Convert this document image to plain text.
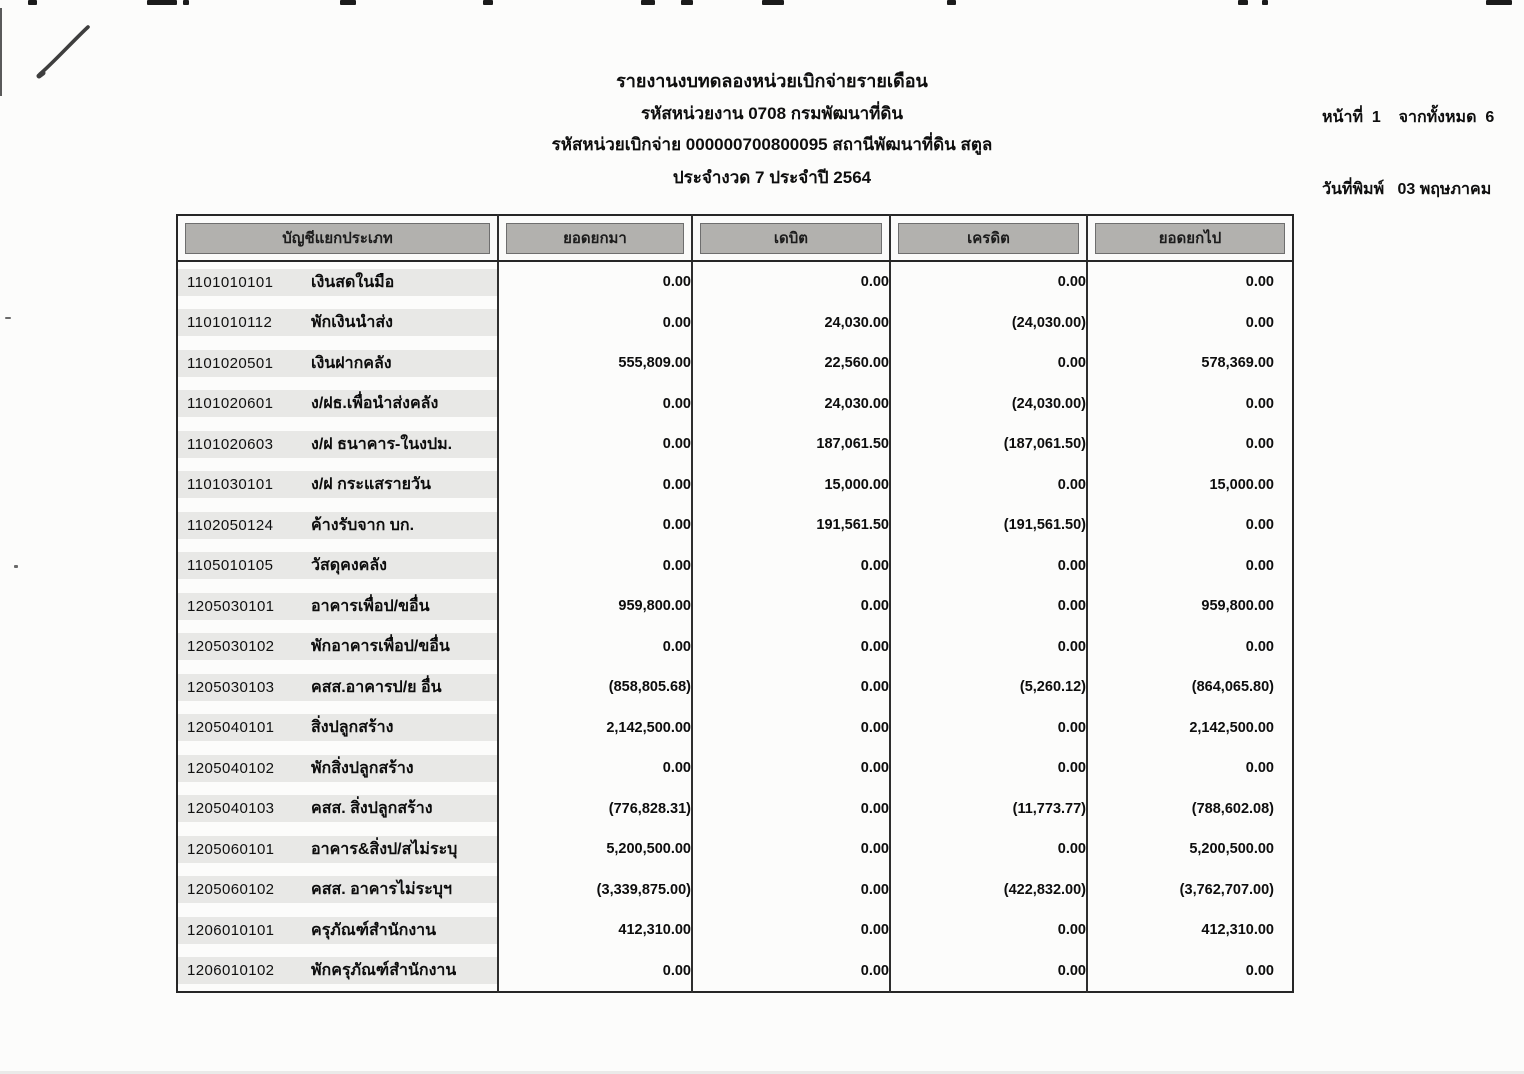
รายงานงบทดลองหน่วยเบิกจ่ายรายเดือน
รหัสหน่วยงาน 0708 กรมพัฒนาที่ดิน
รหัสหน่วยเบิกจ่าย 000000700800095 สถานีพัฒนาที่ดิน สตูล
ประจำงวด 7 ประจำปี 2564

หน้าที่  1    จากทั้งหมด  6

วันที่พิมพ์   03 พฤษภาคม

บัญชีแยกประเภท	ยอดยกมา	เดบิต	เครดิต	ยอดยกไป

1101010101 เงินสดในมือ	0.00	0.00	0.00	0.00

1101010112 พักเงินนำส่ง	0.00	24,030.00	(24,030.00)	0.00

1101020501 เงินฝากคลัง	555,809.00	22,560.00	0.00	578,369.00

1101020601 ง/ฝธ.เพื่อนำส่งคลัง	0.00	24,030.00	(24,030.00)	0.00

1101020603 ง/ฝ ธนาคาร-ในงปม.	0.00	187,061.50	(187,061.50)	0.00

1101030101 ง/ฝ กระแสรายวัน	0.00	15,000.00	0.00	15,000.00

1102050124 ค้างรับจาก บก.	0.00	191,561.50	(191,561.50)	0.00

1105010105 วัสดุคงคลัง	0.00	0.00	0.00	0.00

1205030101 อาคารเพื่อป/ขอื่น	959,800.00	0.00	0.00	959,800.00

1205030102 พักอาคารเพื่อป/ขอื่น	0.00	0.00	0.00	0.00

1205030103 คสส.อาคารป/ย อื่น	(858,805.68)	0.00	(5,260.12)	(864,065.80)

1205040101 สิ่งปลูกสร้าง	2,142,500.00	0.00	0.00	2,142,500.00

1205040102 พักสิ่งปลูกสร้าง	0.00	0.00	0.00	0.00

1205040103 คสส. สิ่งปลูกสร้าง	(776,828.31)	0.00	(11,773.77)	(788,602.08)

1205060101 อาคาร&สิ่งป/สไม่ระบุ	5,200,500.00	0.00	0.00	5,200,500.00

1205060102 คสส. อาคารไม่ระบุฯ	(3,339,875.00)	0.00	(422,832.00)	(3,762,707.00)

1206010101 ครุภัณฑ์สำนักงาน	412,310.00	0.00	0.00	412,310.00

1206010102 พักครุภัณฑ์สำนักงาน	0.00	0.00	0.00	0.00
